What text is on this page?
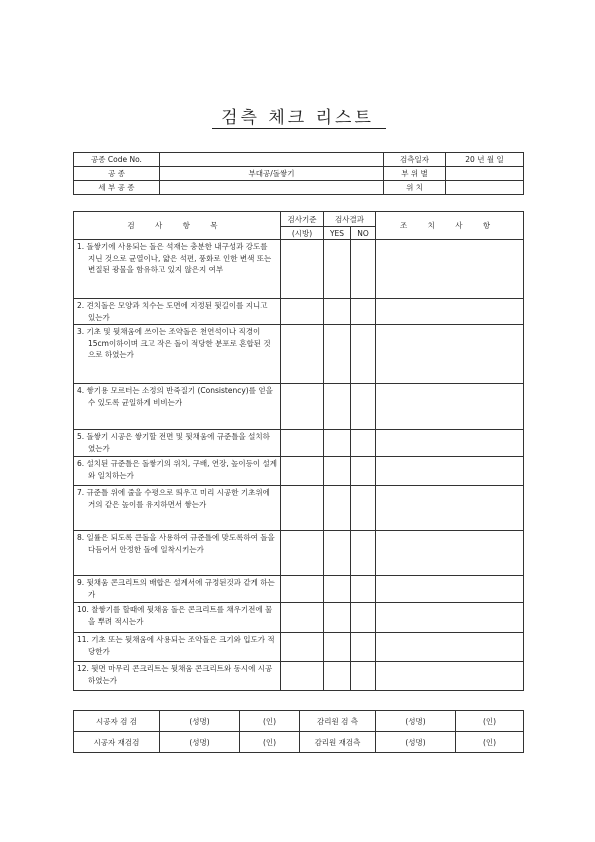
검측 체크 리스트
공종 Code No.		검측일자	20 년 월 일
공 종	부대공/돌쌓기	부 위 별	
세 부 공 종		위 치	
검 사 항 목	검사기준	검사결과		조 치 사 항
	(시방)	YES	NO	

1. 돌쌓기에 사용되는 돌은 석재는 충분한 내구성과 강도를 지닌 것으로 균열이나, 얇은 석편, 풍화로 인한 변색 또는 변질된 광물을 함유하고 있지 않은지 여부				

2. 견치돌은 모양과 치수는 도면에 지정된 뒷길이를 지니고 있는가				

3. 기초 및 뒷채움에 쓰이는 조약돌은 천연석이나 직경이 15cm이하이며 크고 작은 돌이 적당한 분포로 혼합된 것으로 하였는가				

4. 쌓기용 모르터는 소정의 반죽질기 (Consistency)를 얻을수 있도록 균일하게 비비는가				

5. 돌쌓기 시공은 쌓기할 전면 및 뒷채움에 규준틀을 설치하였는가				

6. 설치된 규준틀은 돌쌓기의 위치, 구배, 연장, 높이등이 설계와 일치하는가				

7. 규준틀 위에 줄을 수평으로 띄우고 미리 시공한 기초위에 거의 같은 높이를 유지하면서 쌓는가				

8. 일률은 되도록 큰돌을 사용하여 규준틀에 맞도록하여 돌을 다듬어서 안정한 돌에 일착시키는가				

9. 뒷채움 콘크리트의 배합은 설계서에 규정된것과 같게 하는가				

10. 찰쌓기를 할때에 뒷채움 돌은 콘크리트를 채우기전에 물을 뿌려 적시는가				

11. 기초 또는 뒷채움에 사용되는 조약돌은 크기와 입도가 적당한가				

12. 뒷면 마무리 콘크리트는 뒷채움 콘크리트와 동시에 시공하였는가				

시공자 검 검	(성명)	(인)	감리원 검 측	(성명)	(인)
시공자 재검검	(성명)	(인)	감리원 재검측	(성명)	(인)
